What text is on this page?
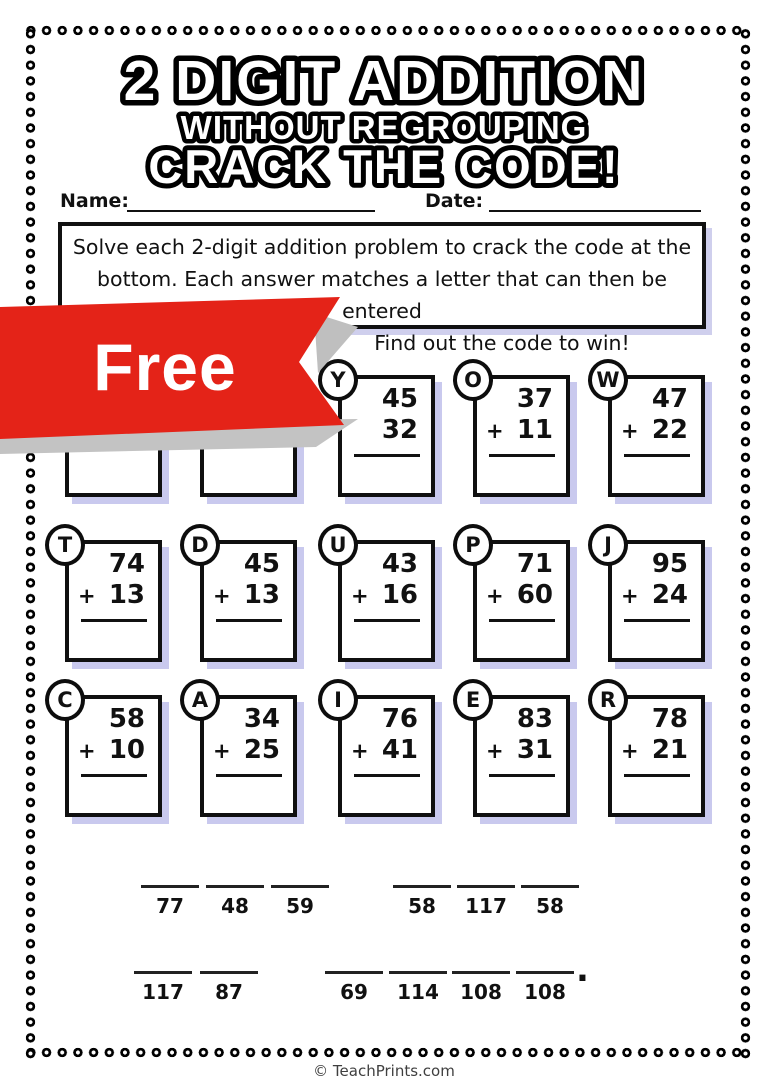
2 DIGIT ADDITION
WITHOUT REGROUPING
CRACK THE CODE!
Name:	Date:
Solve each 2-digit addition problem to crack the code at the
bottom. Each answer matches a letter that can then be entered
Find out the code to win!
Y
45
32
O
37
+ 11
W
47
+ 22
T
74
+ 13
D
45
+ 13
U
43
+ 16
P
71
+ 60
J
95
+ 24
C
58
+ 10
A
34
+ 25
I
76
+ 41
E
83
+ 31
R
78
+ 21
77	48	59	58	117	58
117	87	69	114	108	108
.
Free
© TeachPrints.com
